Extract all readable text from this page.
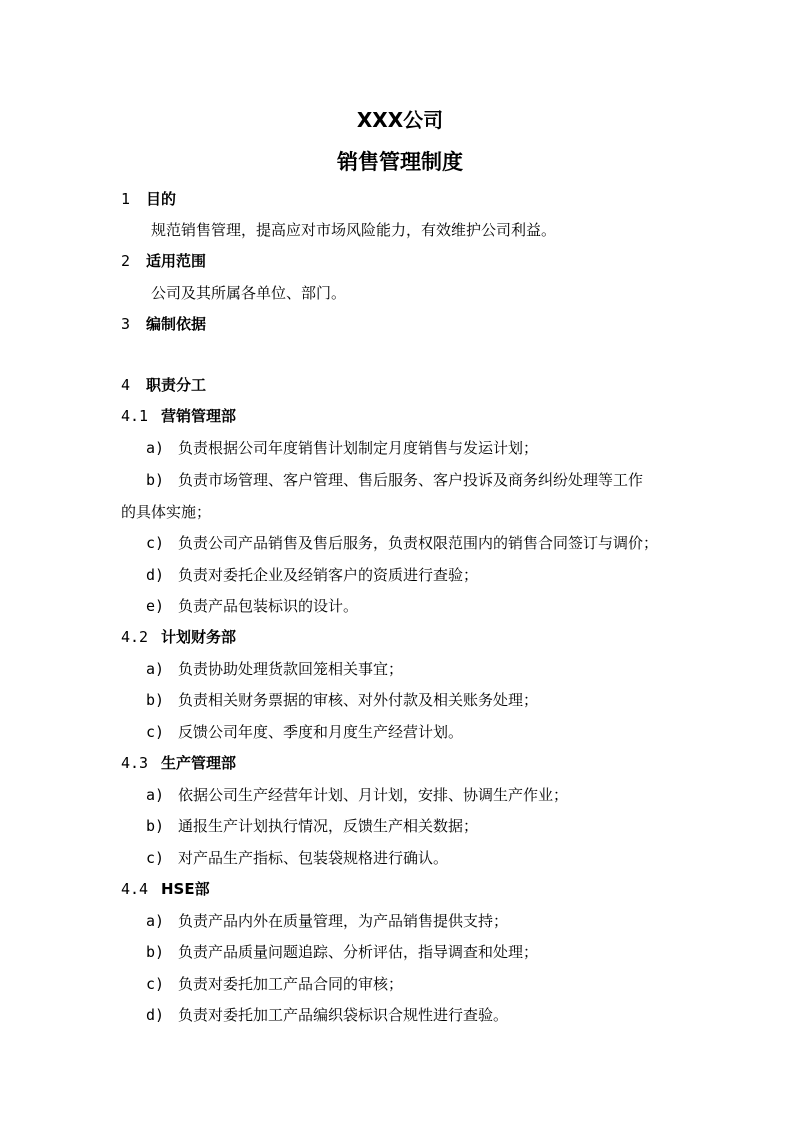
XXX公司
销售管理制度
1 目的
规范销售管理，提高应对市场风险能力，有效维护公司利益。
2 适用范围
公司及其所属各单位、部门。
3 编制依据
4 职责分工
4.1 营销管理部
a) 负责根据公司年度销售计划制定月度销售与发运计划；
b) 负责市场管理、客户管理、售后服务、客户投诉及商务纠纷处理等工作
的具体实施；
c) 负责公司产品销售及售后服务，负责权限范围内的销售合同签订与调价；
d) 负责对委托企业及经销客户的资质进行查验；
e) 负责产品包装标识的设计。
4.2 计划财务部
a) 负责协助处理货款回笼相关事宜；
b) 负责相关财务票据的审核、对外付款及相关账务处理；
c) 反馈公司年度、季度和月度生产经营计划。
4.3 生产管理部
a) 依据公司生产经营年计划、月计划，安排、协调生产作业；
b) 通报生产计划执行情况，反馈生产相关数据；
c) 对产品生产指标、包装袋规格进行确认。
4.4 HSE部
a) 负责产品内外在质量管理，为产品销售提供支持；
b) 负责产品质量问题追踪、分析评估，指导调查和处理；
c) 负责对委托加工产品合同的审核；
d) 负责对委托加工产品编织袋标识合规性进行查验。
